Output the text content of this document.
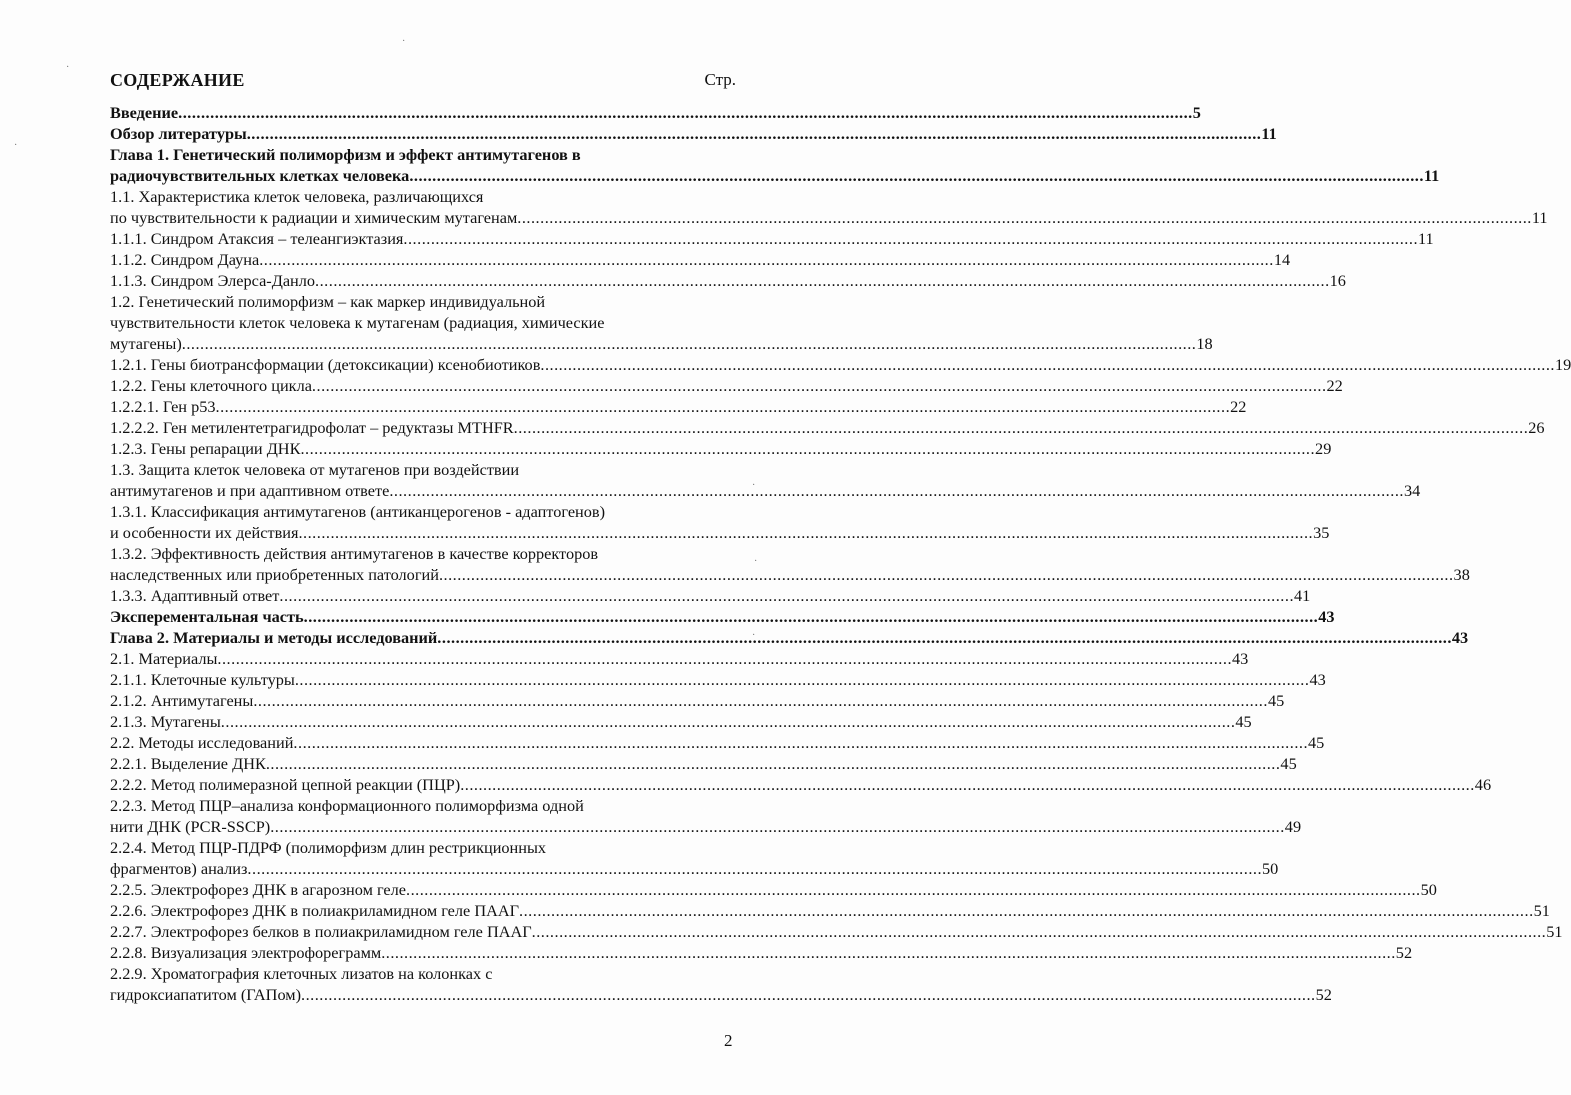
СОДЕРЖАНИЕ	Стр.
Введение .....	5
Обзор литературы .....	11
Глава 1. Генетический полиморфизм и эффект антимутагенов в
радиочувствительных клетках человека .....	11
1.1. Характеристика клеток человека, различающихся
по чувствительности к радиации и химическим мутагенам .....	11
1.1.1. Синдром Атаксия – телеангиэктазия .....	11
1.1.2. Синдром Дауна .....	14
1.1.3. Синдром Элерса-Данло .....	16
1.2. Генетический полиморфизм – как маркер индивидуальной
чувствительности клеток человека к мутагенам (радиация, химические
мутагены) .....	18
1.2.1. Гены биотрансформации (детоксикации) ксенобиотиков .....	19
1.2.2. Гены клеточного цикла .....	22
1.2.2.1. Ген р53 .....	22
1.2.2.2. Ген метилентетрагидрофолат – редуктазы MTHFR .....	26
1.2.3. Гены репарации ДНК .....	29
1.3. Защита клеток человека от мутагенов при воздействии
антимутагенов и при адаптивном ответе .....	34
1.3.1. Классификация антимутагенов (антиканцерогенов - адаптогенов)
и особенности их действия .....	35
1.3.2. Эффективность действия антимутагенов в качестве корректоров
наследственных или приобретенных патологий .....	38
1.3.3. Адаптивный ответ .....	41
Эксперементальная часть .....	43
Глава 2. Материалы и методы исследований .....	43
2.1. Материалы .....	43
2.1.1. Клеточные культуры .....	43
2.1.2. Антимутагены .....	45
2.1.3. Мутагены .....	45
2.2. Методы исследований .....	45
2.2.1. Выделение ДНК .....	45
2.2.2. Метод полимеразной цепной реакции (ПЦР) .....	46
2.2.3. Метод ПЦР–анализа конформационного полиморфизма одной
нити ДНК (PCR-SSCP) .....	49
2.2.4. Метод ПЦР-ПДРФ (полиморфизм длин рестрикционных
фрагментов) анализ .....	50
2.2.5. Электрофорез ДНК в агарозном геле .....	50
2.2.6. Электрофорез ДНК в полиакриламидном геле ПААГ .....	51
2.2.7. Электрофорез белков в полиакриламидном геле ПААГ .....	51
2.2.8. Визуализация электрофореграмм .....	52
2.2.9. Хроматография клеточных лизатов на колонках с
гидроксиапатитом (ГАПом) .....	52
2
·
·
·
·
·
·
